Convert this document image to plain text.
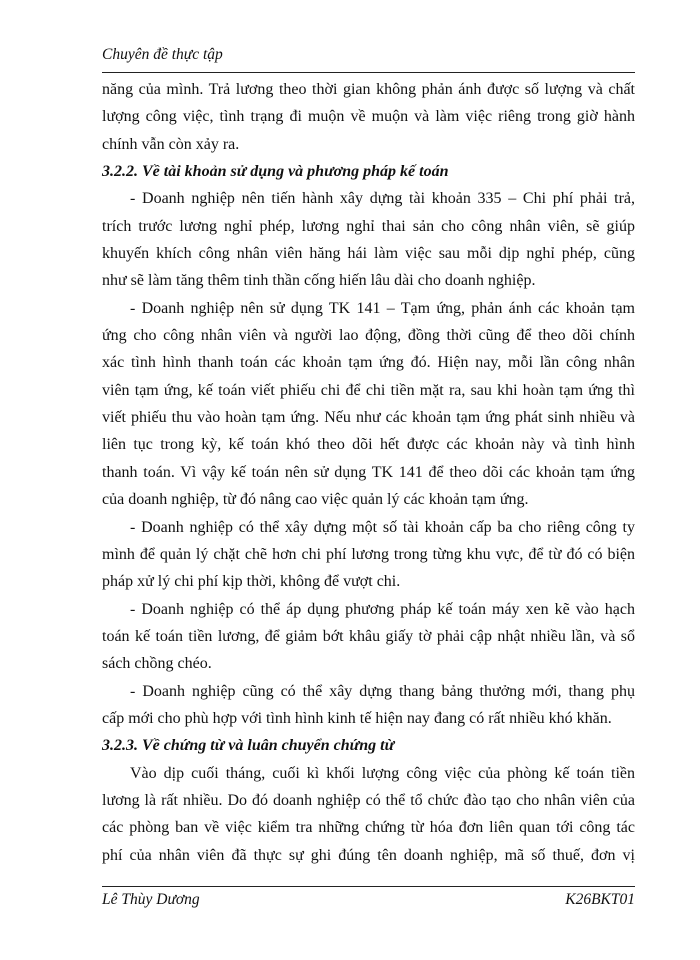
Chuyên đề thực tập
năng của mình. Trả lương theo thời gian không phản ánh được số lượng và chất
lượng công việc, tình trạng đi muộn về muộn và làm việc riêng trong giờ hành
chính vẫn còn xảy ra.
3.2.2. Về tài khoản sử dụng và phương pháp kế toán
- Doanh nghiệp nên tiến hành xây dựng tài khoản 335 – Chi phí phải trả,
trích trước lương nghỉ phép, lương nghỉ thai sản cho công nhân viên, sẽ giúp
khuyến khích công nhân viên hăng hái làm việc sau mỗi dịp nghỉ phép, cũng
như sẽ làm tăng thêm tinh thần cống hiến lâu dài cho doanh nghiệp.
- Doanh nghiệp nên sử dụng TK 141 – Tạm ứng, phản ánh các khoản tạm
ứng cho công nhân viên và người lao động, đồng thời cũng để theo dõi chính
xác tình hình thanh toán các khoản tạm ứng đó. Hiện nay, mỗi lần công nhân
viên tạm ứng, kế toán viết phiếu chi để chi tiền mặt ra, sau khi hoàn tạm ứng thì
viết phiếu thu vào hoàn tạm ứng. Nếu như các khoản tạm ứng phát sinh nhiều và
liên tục trong kỳ, kế toán khó theo dõi hết được các khoản này và tình hình
thanh toán. Vì vậy kế toán nên sử dụng TK 141 để theo dõi các khoản tạm ứng
của doanh nghiệp, từ đó nâng cao việc quản lý các khoản tạm ứng.
- Doanh nghiệp có thể xây dựng một số tài khoản cấp ba cho riêng công ty
mình để quản lý chặt chẽ hơn chi phí lương trong từng khu vực, để từ đó có biện
pháp xử lý chi phí kịp thời, không để vượt chi.
- Doanh nghiệp có thể áp dụng phương pháp kế toán máy xen kẽ vào hạch
toán kế toán tiền lương, để giảm bớt khâu giấy tờ phải cập nhật nhiều lần, và sổ
sách chồng chéo.
- Doanh nghiệp cũng có thể xây dựng thang bảng thưởng mới, thang phụ
cấp mới cho phù hợp với tình hình kinh tế hiện nay đang có rất nhiều khó khăn.
3.2.3. Về chứng từ và luân chuyển chứng từ
Vào dịp cuối tháng, cuối kì khối lượng công việc của phòng kế toán tiền
lương là rất nhiều. Do đó doanh nghiệp có thể tổ chức đào tạo cho nhân viên của
các phòng ban về việc kiểm tra những chứng từ hóa đơn liên quan tới công tác
phí của nhân viên đã thực sự ghi đúng tên doanh nghiệp, mã số thuế, đơn vị
Lê Thùy Dương	K26BKT01
